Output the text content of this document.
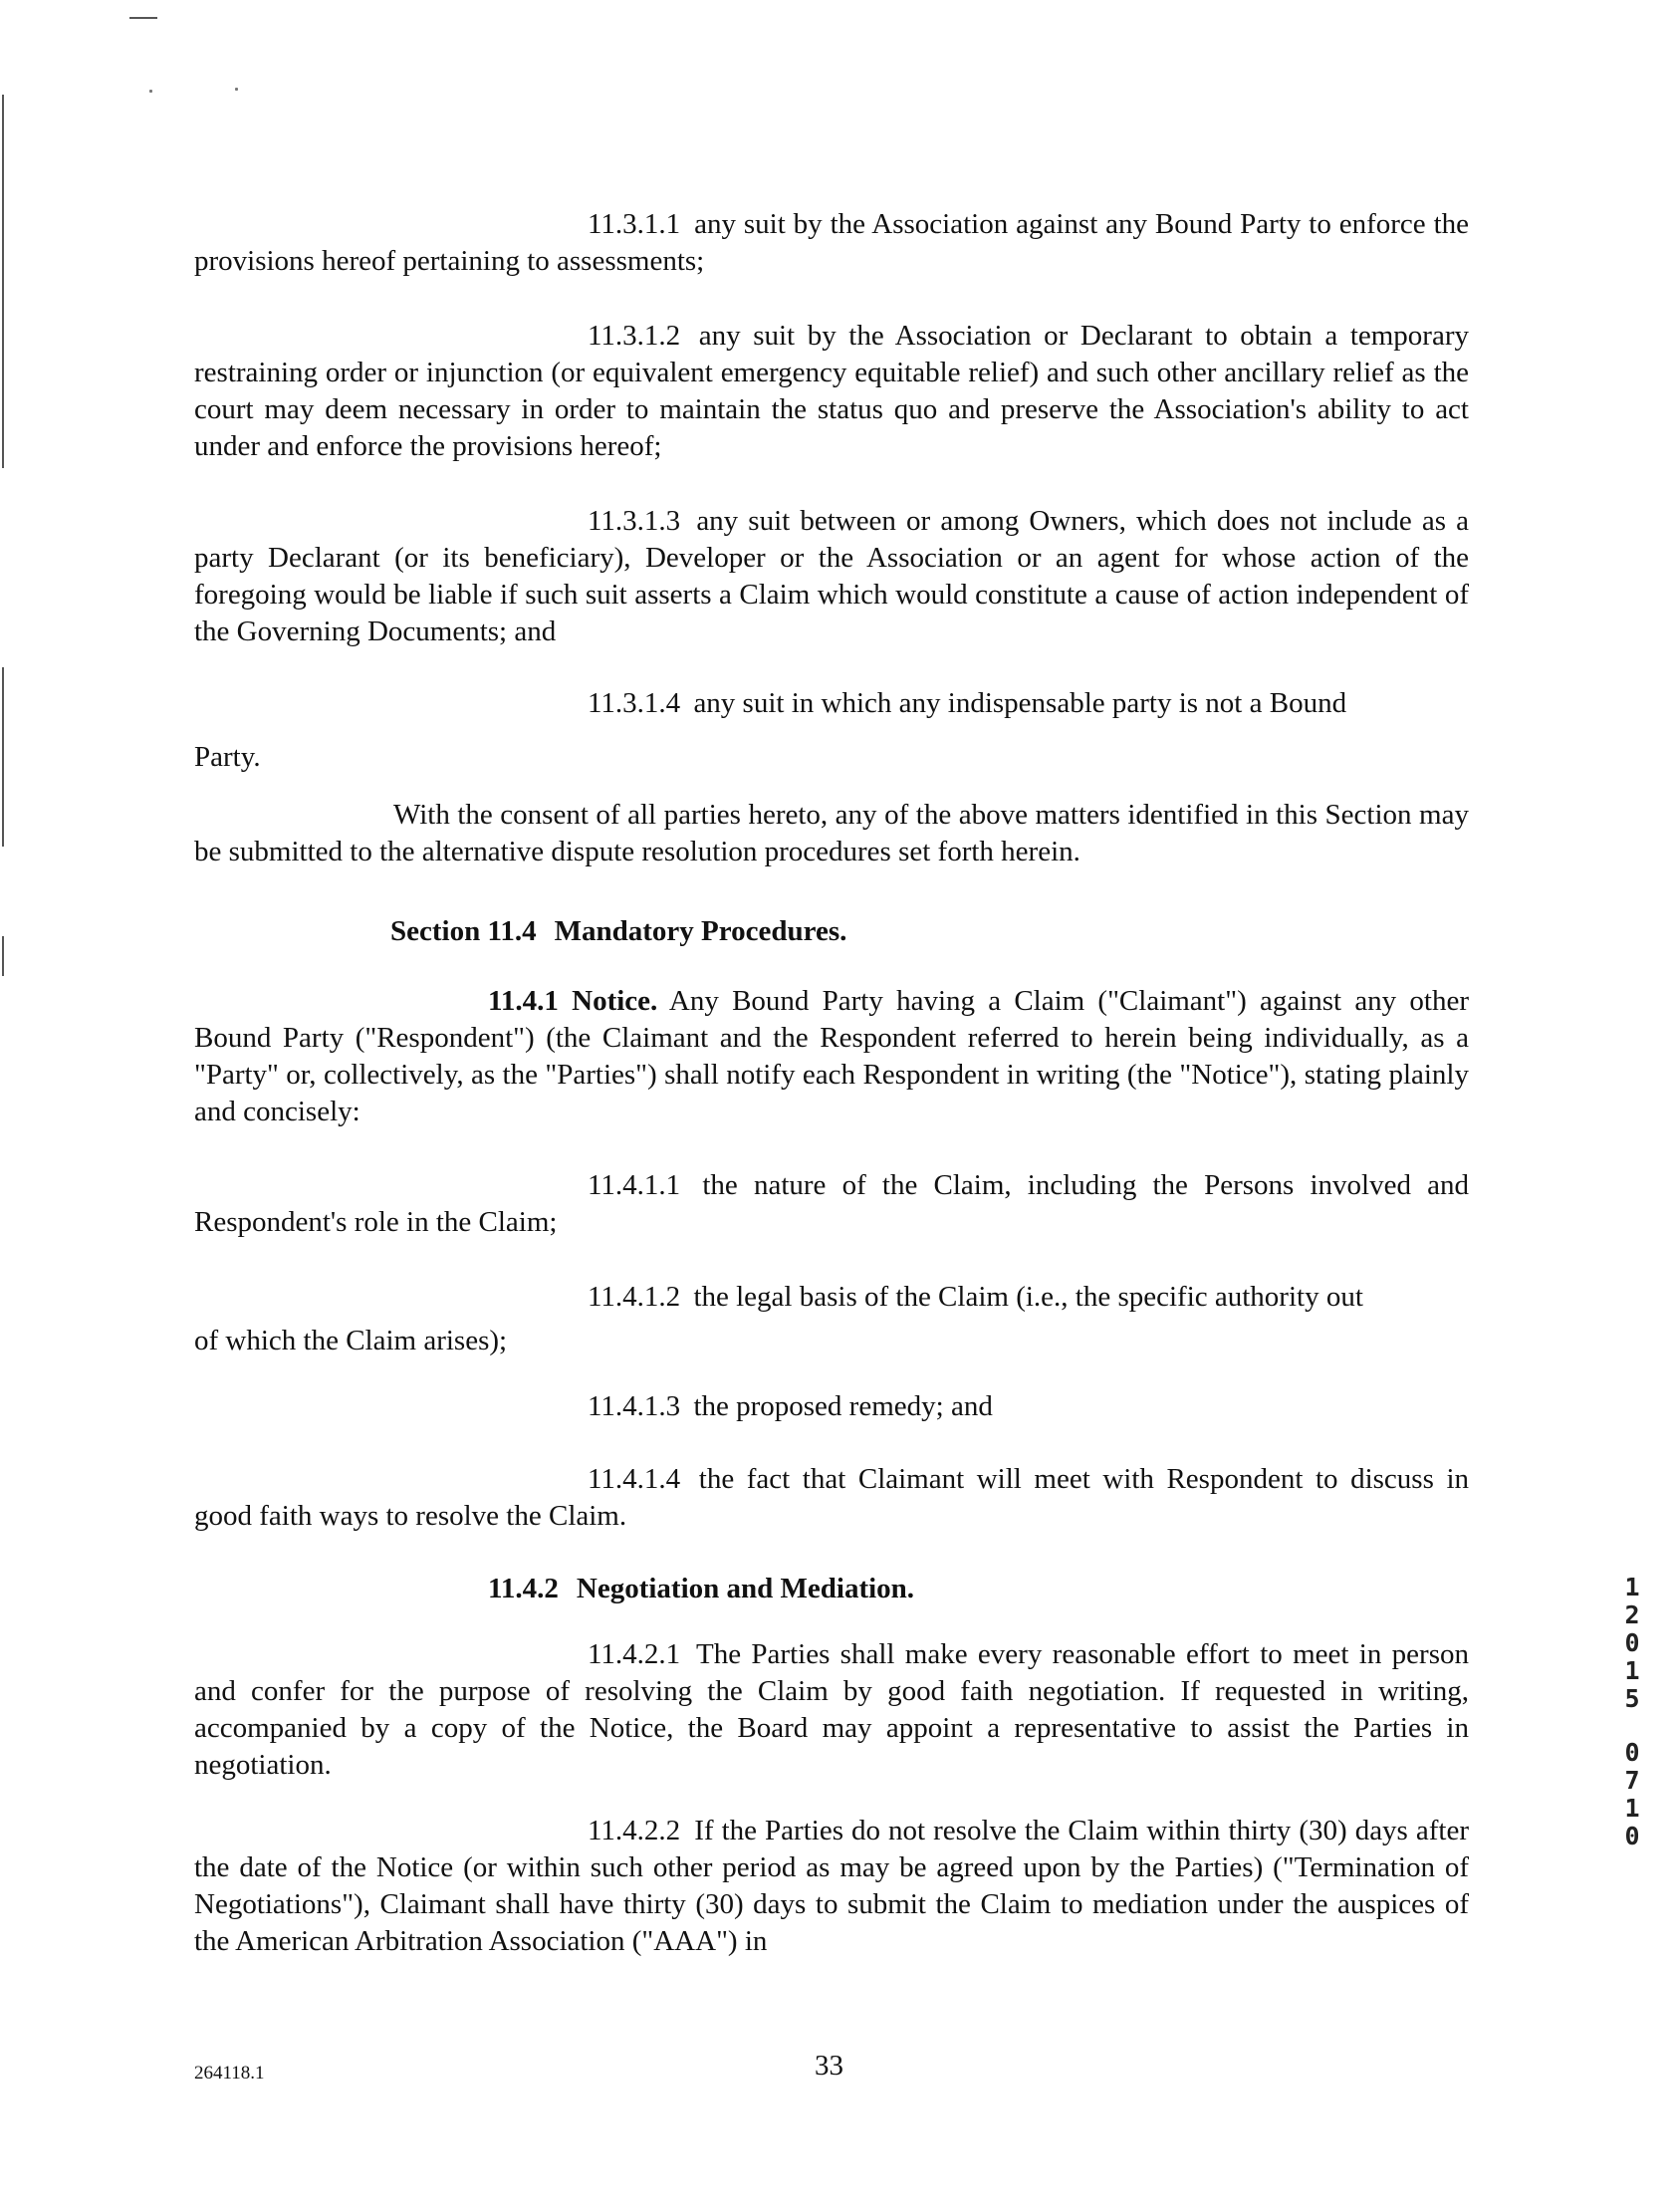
11.3.1.1 any suit by the Association against any Bound Party to enforce the provisions hereof pertaining to assessments;
11.3.1.2 any suit by the Association or Declarant to obtain a temporary restraining order or injunction (or equivalent emergency equitable relief) and such other ancillary relief as the court may deem necessary in order to maintain the status quo and preserve the Association's ability to act under and enforce the provisions hereof;
11.3.1.3 any suit between or among Owners, which does not include as a party Declarant (or its beneficiary), Developer or the Association or an agent for whose action of the foregoing would be liable if such suit asserts a Claim which would constitute a cause of action independent of the Governing Documents; and
11.3.1.4 any suit in which any indispensable party is not a Bound
Party.
With the consent of all parties hereto, any of the above matters identified in this Section may be submitted to the alternative dispute resolution procedures set forth herein.
Section 11.4 Mandatory Procedures.
11.4.1 Notice. Any Bound Party having a Claim ("Claimant") against any other Bound Party ("Respondent") (the Claimant and the Respondent referred to herein being individually, as a "Party" or, collectively, as the "Parties") shall notify each Respondent in writing (the "Notice"), stating plainly and concisely:
11.4.1.1 the nature of the Claim, including the Persons involved and Respondent's role in the Claim;
11.4.1.2 the legal basis of the Claim (i.e., the specific authority out
of which the Claim arises);
11.4.1.3 the proposed remedy; and
11.4.1.4 the fact that Claimant will meet with Respondent to discuss in good faith ways to resolve the Claim.
11.4.2 Negotiation and Mediation.
11.4.2.1 The Parties shall make every reasonable effort to meet in person and confer for the purpose of resolving the Claim by good faith negotiation. If requested in writing, accompanied by a copy of the Notice, the Board may appoint a representative to assist the Parties in negotiation.
11.4.2.2 If the Parties do not resolve the Claim within thirty (30) days after the date of the Notice (or within such other period as may be agreed upon by the Parties) ("Termination of Negotiations"), Claimant shall have thirty (30) days to submit the Claim to mediation under the auspices of the American Arbitration Association ("AAA") in
264118.1	33
1
2
0
1
5
0
7
1
0
